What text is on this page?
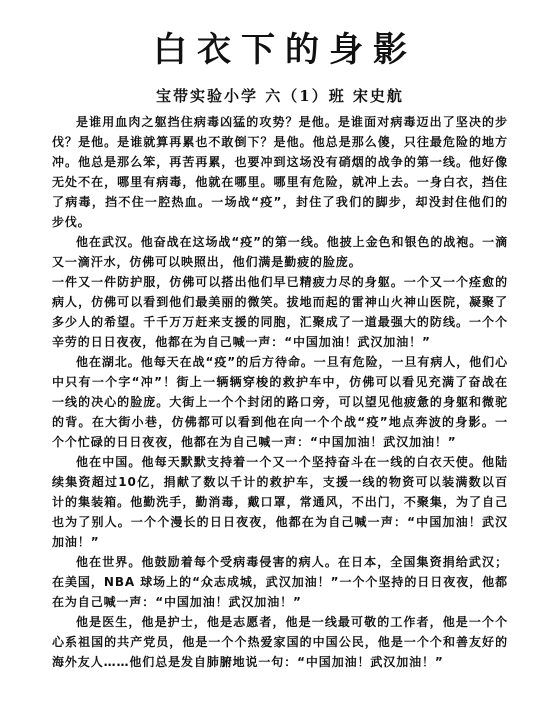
白衣下的身影
宝带实验小学 六（1）班 宋史航

是谁用血肉之躯挡住病毒凶猛的攻势？是他。是谁面对病毒迈出了坚决的步伐？是他。是谁就算再累也不敢倒下？是他。他总是那么傻，只往最危险的地方冲。他总是那么笨，再苦再累，也要冲到这场没有硝烟的战争的第一线。他好像无处不在，哪里有病毒，他就在哪里。哪里有危险，就冲上去。一身白衣，挡住了病毒，挡不住一腔热血。一场战“疫”，封住了我们的脚步，却没封住他们的步伐。

他在武汉。他奋战在这场战“疫”的第一线。他披上金色和银色的战袍。一滴又一滴汗水，仿佛可以映照出，他们满是勤疲的脸庞。

一件又一件防护服，仿佛可以搭出他们早已精疲力尽的身躯。一个又一个痊愈的病人，仿佛可以看到他们最美丽的微笑。拔地而起的雷神山火神山医院，凝聚了多少人的希望。千千万万赶来支援的同胞，汇聚成了一道最强大的防线。一个个辛劳的日日夜夜，他都在为自己喊一声：“中国加油！武汉加油！”

他在湖北。他每天在战“疫”的后方待命。一旦有危险，一旦有病人，他们心中只有一个字“冲”！街上一辆辆穿梭的救护车中，仿佛可以看见充满了奋战在一线的决心的脸庞。大街上一个个封闭的路口旁，可以望见他疲惫的身躯和微驼的背。在大街小巷，仿佛都可以看到他在向一个个战“疫”地点奔波的身影。一个个忙碌的日日夜夜，他都在为自己喊一声：“中国加油！武汉加油！”

他在中国。他每天默默支持着一个又一个坚持奋斗在一线的白衣天使。他陆续集资超过10亿，捐献了数以千计的救护车，支援一线的物资可以装满数以百计的集装箱。他勤洗手，勤消毒，戴口罩，常通风，不出门，不聚集，为了自己也为了别人。一个个漫长的日日夜夜，他都在为自己喊一声：“中国加油！武汉加油！”

他在世界。他鼓励着每个受病毒侵害的病人。在日本，全国集资捐给武汉；在美国，NBA 球场上的“众志成城，武汉加油！”一个个坚持的日日夜夜，他都在为自己喊一声：“中国加油！武汉加油！”

他是医生，他是护士，他是志愿者，他是一线最可敬的工作者，他是一个个心系祖国的共产党员，他是一个个热爱家国的中国公民，他是一个个和善友好的海外友人……他们总是发自肺腑地说一句：“中国加油！武汉加油！”
